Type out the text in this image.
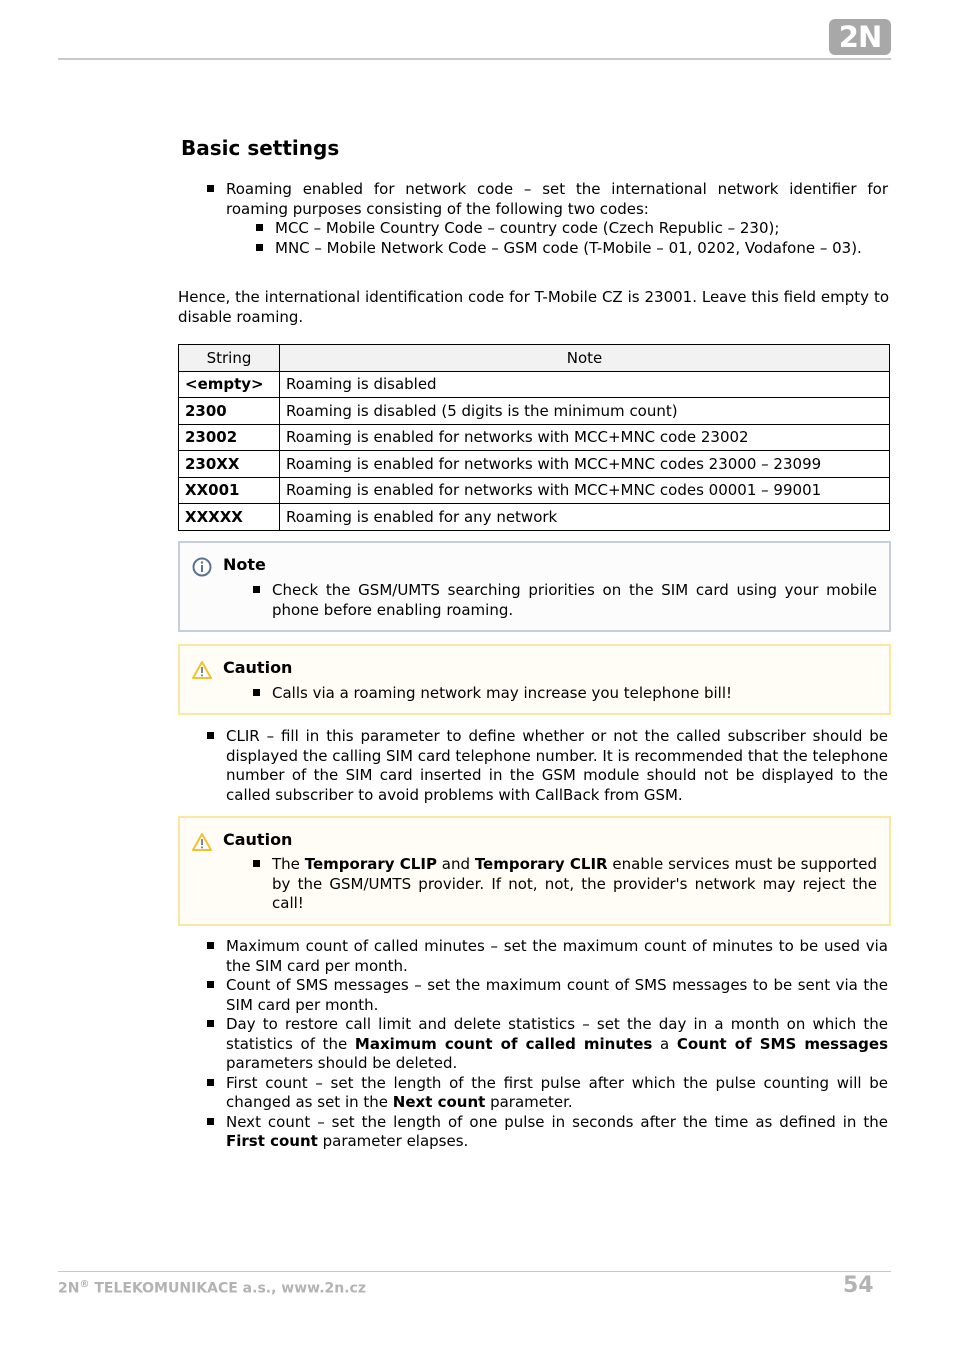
2N
Basic settings
Roaming enabled for network code – set the international network identifier for roaming purposes consisting of the following two codes:
MCC – Mobile Country Code – country code (Czech Republic – 230);
MNC – Mobile Network Code – GSM code (T-Mobile – 01, 0202, Vodafone – 03).

Hence, the international identification code for T-Mobile CZ is 23001. Leave this field empty to disable roaming.

String	Note
<empty>	Roaming is disabled
2300	Roaming is disabled (5 digits is the minimum count)
23002	Roaming is enabled for networks with MCC+MNC code 23002
230XX	Roaming is enabled for networks with MCC+MNC codes 23000 – 23099
XX001	Roaming is enabled for networks with MCC+MNC codes 00001 – 99001
XXXXX	Roaming is enabled for any network
Note
Check the GSM/UMTS searching priorities on the SIM card using your mobile phone before enabling roaming.
Caution
Calls via a roaming network may increase you telephone bill!
CLIR – fill in this parameter to define whether or not the called subscriber should be displayed the calling SIM card telephone number. It is recommended that the telephone number of the SIM card inserted in the GSM module should not be displayed to the called subscriber to avoid problems with CallBack from GSM.
Caution
The Temporary CLIP and Temporary CLIR enable services must be supported by the GSM/UMTS provider. If not, not, the provider's network may reject the call!
Maximum count of called minutes – set the maximum count of minutes to be used via the SIM card per month.
Count of SMS messages – set the maximum count of SMS messages to be sent via the SIM card per month.
Day to restore call limit and delete statistics – set the day in a month on which the statistics of the Maximum count of called minutes a Count of SMS messages parameters should be deleted.
First count – set the length of the first pulse after which the pulse counting will be changed as set in the Next count parameter.
Next count – set the length of one pulse in seconds after the time as defined in the First count parameter elapses.
2N® TELEKOMUNIKACE a.s., www.2n.cz	54
